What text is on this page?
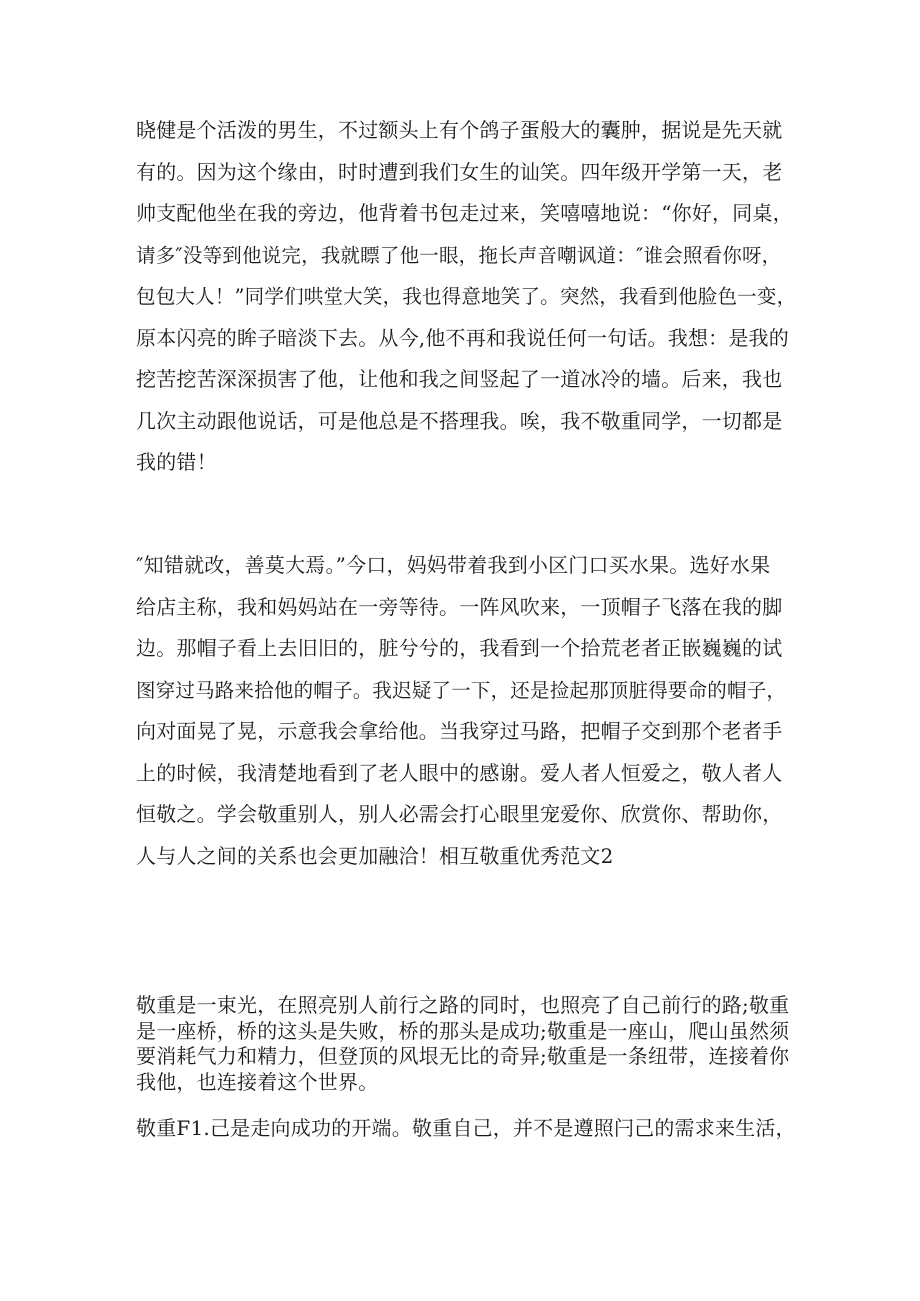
晓健是个活泼的男生，不过额头上有个鸽子蛋般大的囊肿，据说是先天就
有的。因为这个缘由，时时遭到我们女生的讪笑。四年级开学第一天，老
帅支配他坐在我的旁边，他背着书包走过来，笑嘻嘻地说：“你好，同桌，
请多″没等到他说完，我就瞟了他一眼，拖长声音嘲讽道：″谁会照看你呀，
包包大人！”同学们哄堂大笑，我也得意地笑了。突然，我看到他脸色一变，
原本闪亮的眸子暗淡下去。从今,他不再和我说任何一句话。我想：是我的
挖苦挖苦深深损害了他，让他和我之间竖起了一道冰冷的墙。后来，我也
几次主动跟他说话，可是他总是不搭理我。唉，我不敬重同学，一切都是
我的错！
″知错就改，善莫大焉。”今口，妈妈带着我到小区门口买水果。选好水果
给店主称，我和妈妈站在一旁等待。一阵风吹来，一顶帽子飞落在我的脚
边。那帽子看上去旧旧的，脏兮兮的，我看到一个拾荒老者正嵌巍巍的试
图穿过马路来拾他的帽子。我迟疑了一下，还是捡起那顶脏得要命的帽子，
向对面晃了晃，示意我会拿给他。当我穿过马路，把帽子交到那个老者手
上的时候，我清楚地看到了老人眼中的感谢。爱人者人恒爱之，敬人者人
恒敬之。学会敬重别人，别人必需会打心眼里宠爱你、欣赏你、帮助你，
人与人之间的关系也会更加融洽！相互敬重优秀范文2
敬重是一束光，在照亮别人前行之路的同时，也照亮了自己前行的路;敬重
是一座桥，桥的这头是失败，桥的那头是成功;敬重是一座山，爬山虽然须
要消耗气力和精力，但登顶的风垠无比的奇异;敬重是一条纽带，连接着你
我他，也连接着这个世界。
敬重F1.己是走向成功的开端。敬重自己，并不是遵照闩己的需求来生活，
